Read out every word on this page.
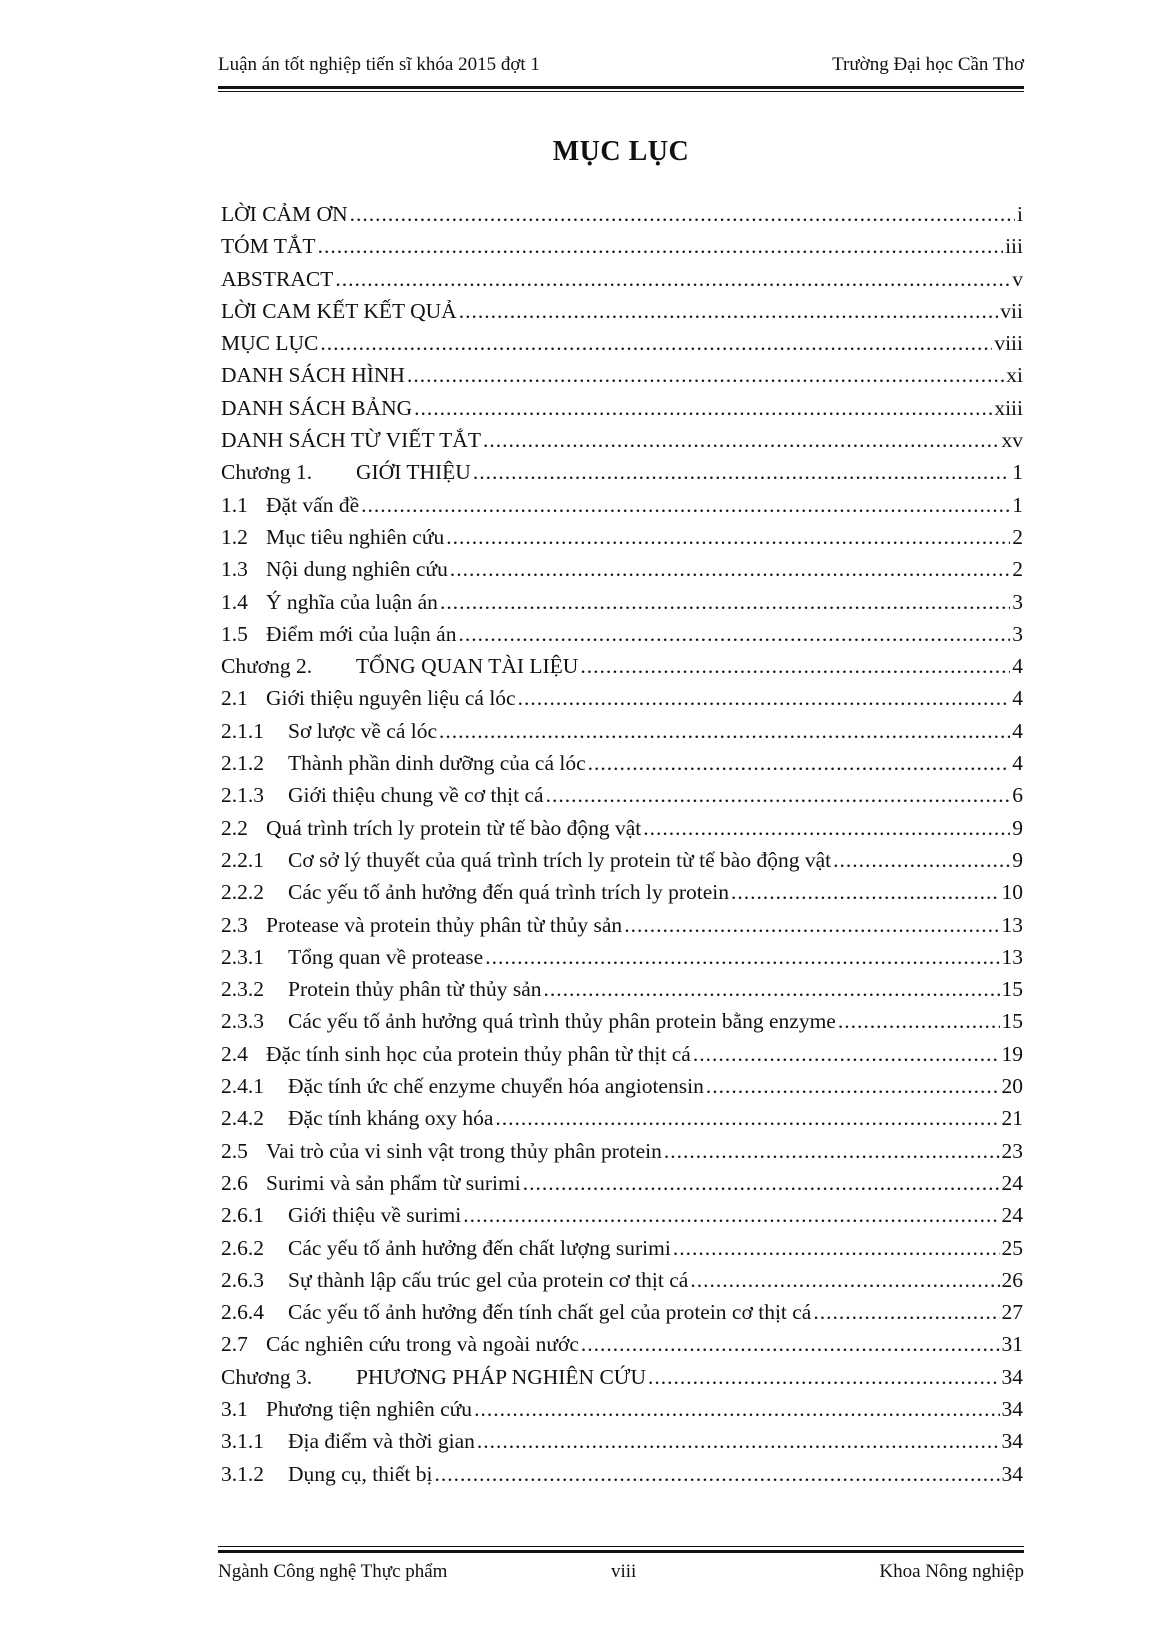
Luận án tốt nghiệp tiến sĩ khóa 2015 đợt 1	Trường Đại học Cần Thơ
MỤC LỤC
LỜI CẢM ƠN .....	i
TÓM TẮT .....	iii
ABSTRACT .....	v
LỜI CAM KẾT KẾT QUẢ .....	vii
MỤC LỤC .....	viii
DANH SÁCH HÌNH .....	xi
DANH SÁCH BẢNG .....	xiii
DANH SÁCH TỪ VIẾT TẮT .....	xv
Chương 1.	GIỚI THIỆU .....	1
1.1 Đặt vấn đề .....	1
1.2 Mục tiêu nghiên cứu .....	2
1.3 Nội dung nghiên cứu .....	2
1.4 Ý nghĩa của luận án .....	3
1.5 Điểm mới của luận án .....	3
Chương 2.	TỔNG QUAN TÀI LIỆU .....	4
2.1 Giới thiệu nguyên liệu cá lóc .....	4
2.1.1	Sơ lược về cá lóc .....	4
2.1.2	Thành phần dinh dưỡng của cá lóc .....	4
2.1.3	Giới thiệu chung về cơ thịt cá .....	6
2.2 Quá trình trích ly protein từ tế bào động vật .....	9
2.2.1	Cơ sở lý thuyết của quá trình trích ly protein từ tế bào động vật .....	9
2.2.2	Các yếu tố ảnh hưởng đến quá trình trích ly protein .....	10
2.3 Protease và protein thủy phân từ thủy sản .....	13
2.3.1	Tổng quan về protease .....	13
2.3.2	Protein thủy phân từ thủy sản .....	15
2.3.3	Các yếu tố ảnh hưởng quá trình thủy phân protein bằng enzyme .....	15
2.4 Đặc tính sinh học của protein thủy phân từ thịt cá .....	19
2.4.1	Đặc tính ức chế enzyme chuyển hóa angiotensin .....	20
2.4.2	Đặc tính kháng oxy hóa .....	21
2.5 Vai trò của vi sinh vật trong thủy phân protein .....	23
2.6 Surimi và sản phẩm từ surimi .....	24
2.6.1	Giới thiệu về surimi .....	24
2.6.2	Các yếu tố ảnh hưởng đến chất lượng surimi .....	25
2.6.3	Sự thành lập cấu trúc gel của protein cơ thịt cá .....	26
2.6.4	Các yếu tố ảnh hưởng đến tính chất gel của protein cơ thịt cá .....	27
2.7 Các nghiên cứu trong và ngoài nước .....	31
Chương 3.	PHƯƠNG PHÁP NGHIÊN CỨU .....	34
3.1 Phương tiện nghiên cứu .....	34
3.1.1	Địa điểm và thời gian .....	34
3.1.2	Dụng cụ, thiết bị .....	34
Ngành Công nghệ Thực phẩm	viii	Khoa Nông nghiệp
